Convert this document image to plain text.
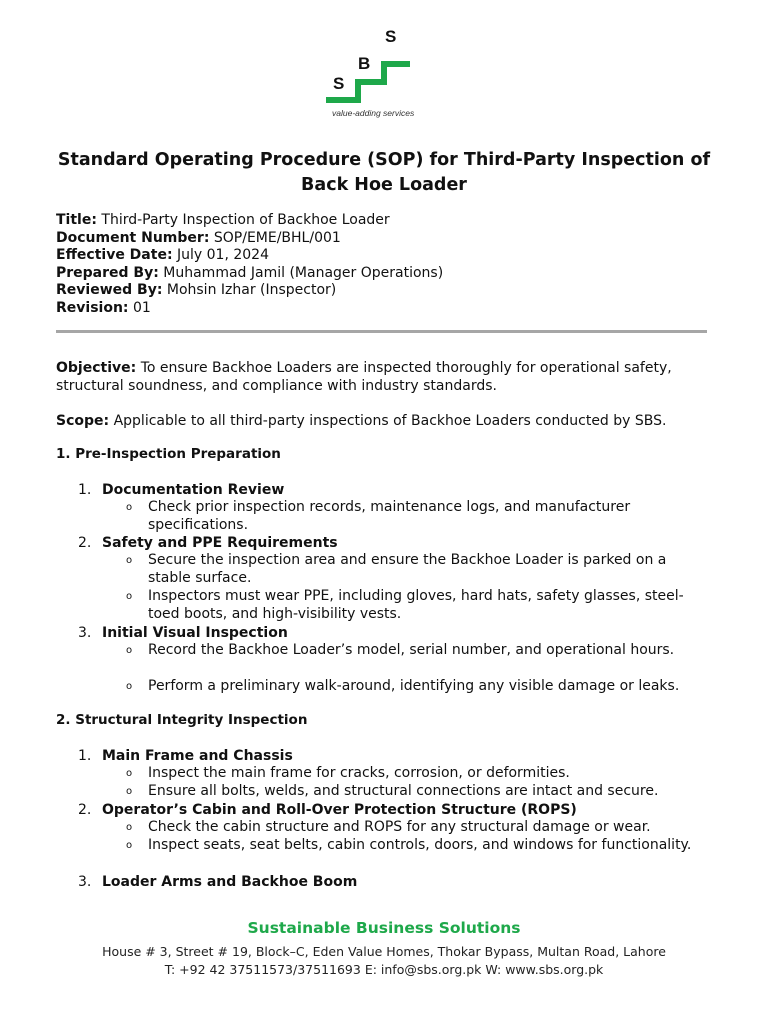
S
B
S
value-adding services
Standard Operating Procedure (SOP) for Third-Party Inspection of Back Hoe Loader
Title: Third-Party Inspection of Backhoe Loader
Document Number: SOP/EME/BHL/001
Effective Date: July 01, 2024
Prepared By: Muhammad Jamil (Manager Operations)
Reviewed By: Mohsin Izhar (Inspector)
Revision: 01
Objective: To ensure Backhoe Loaders are inspected thoroughly for operational safety, structural soundness, and compliance with industry standards.
Scope: Applicable to all third-party inspections of Backhoe Loaders conducted by SBS.
1. Pre-Inspection Preparation
1. Documentation Review
o Check prior inspection records, maintenance logs, and manufacturer specifications.
2. Safety and PPE Requirements
o Secure the inspection area and ensure the Backhoe Loader is parked on a stable surface.
o Inspectors must wear PPE, including gloves, hard hats, safety glasses, steel-toed boots, and high-visibility vests.
3. Initial Visual Inspection
o Record the Backhoe Loader’s model, serial number, and operational hours.
o Perform a preliminary walk-around, identifying any visible damage or leaks.
2. Structural Integrity Inspection
1. Main Frame and Chassis
o Inspect the main frame for cracks, corrosion, or deformities.
o Ensure all bolts, welds, and structural connections are intact and secure.
2. Operator’s Cabin and Roll-Over Protection Structure (ROPS)
o Check the cabin structure and ROPS for any structural damage or wear.
o Inspect seats, seat belts, cabin controls, doors, and windows for functionality.
3. Loader Arms and Backhoe Boom
Sustainable Business Solutions
House # 3, Street # 19, Block–C, Eden Value Homes, Thokar Bypass, Multan Road, Lahore
T: +92 42 37511573/37511693 E: info@sbs.org.pk W: www.sbs.org.pk
